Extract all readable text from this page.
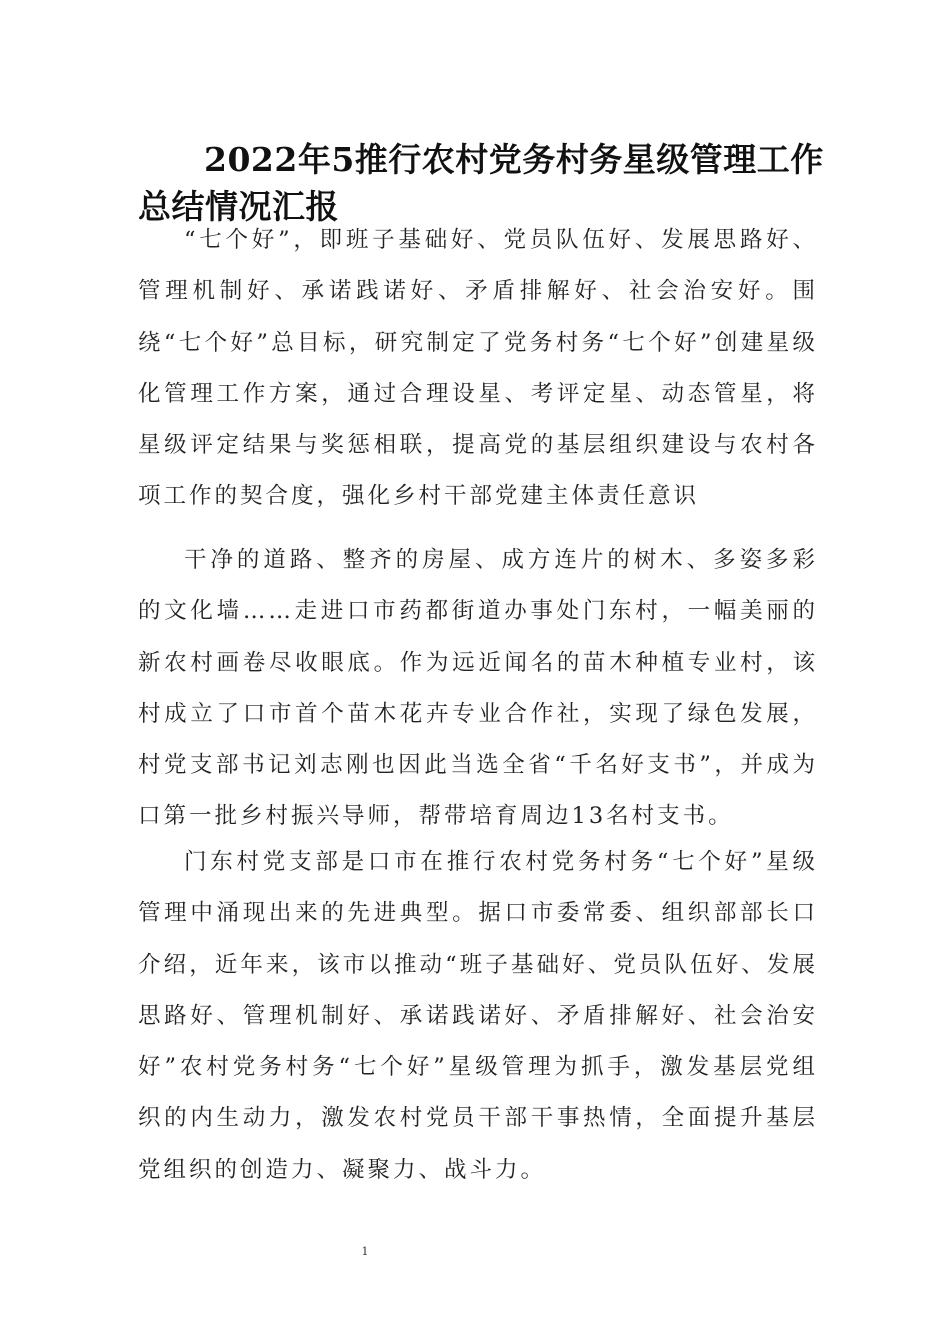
2022年5推行农村党务村务星级管理工作总结情况汇报

“七个好”，即班子基础好、党员队伍好、发展思路好、管理机制好、承诺践诺好、矛盾排解好、社会治安好。围绕“七个好”总目标，研究制定了党务村务“七个好”创建星级化管理工作方案，通过合理设星、考评定星、动态管星，将星级评定结果与奖惩相联，提高党的基层组织建设与农村各项工作的契合度，强化乡村干部党建主体责任意识

干净的道路、整齐的房屋、成方连片的树木、多姿多彩的文化墙……走进口市药都街道办事处门东村，一幅美丽的新农村画卷尽收眼底。作为远近闻名的苗木种植专业村，该村成立了口市首个苗木花卉专业合作社，实现了绿色发展，村党支部书记刘志刚也因此当选全省“千名好支书”，并成为口第一批乡村振兴导师，帮带培育周边13名村支书。

门东村党支部是口市在推行农村党务村务“七个好”星级管理中涌现出来的先进典型。据口市委常委、组织部部长口介绍，近年来，该市以推动“班子基础好、党员队伍好、发展思路好、管理机制好、承诺践诺好、矛盾排解好、社会治安好”农村党务村务“七个好”星级管理为抓手，激发基层党组织的内生动力，激发农村党员干部干事热情，全面提升基层党组织的创造力、凝聚力、战斗力。

1
